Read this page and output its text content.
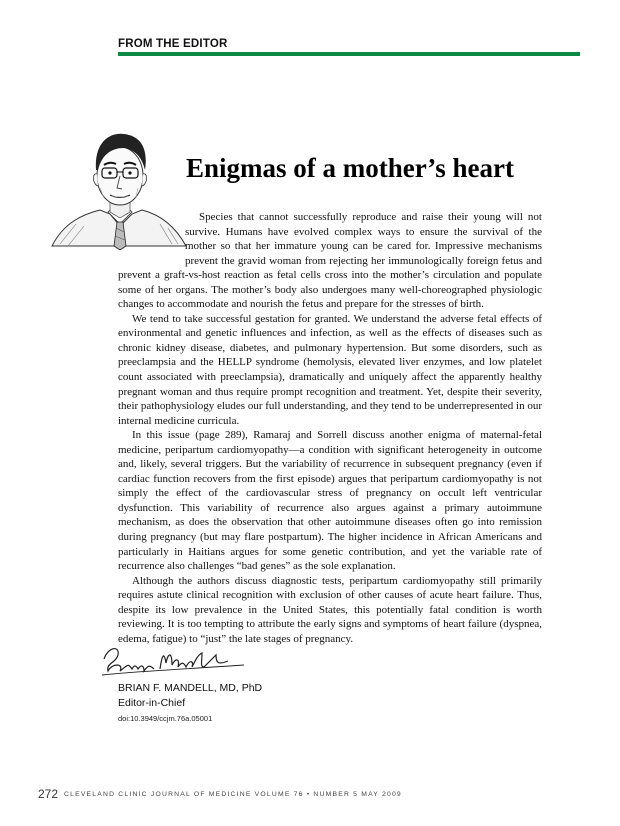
FROM THE EDITOR
Enigmas of a mother’s heart

Species that cannot successfully reproduce and raise their young will not survive. Humans have evolved complex ways to ensure the survival of the mother so that her immature young can be cared for. Impressive mechanisms prevent the gravid woman from rejecting her immunologically foreign fetus and prevent a graft-vs-host reaction as fetal cells cross into the mother’s circulation and populate some of her organs. The mother’s body also undergoes many well-choreographed physiologic changes to accommodate and nourish the fetus and prepare for the stresses of birth.

We tend to take successful gestation for granted. We understand the adverse fetal effects of environmental and genetic influences and infection, as well as the effects of diseases such as chronic kidney disease, diabetes, and pulmonary hypertension. But some disorders, such as preeclampsia and the HELLP syndrome (hemolysis, elevated liver enzymes, and low platelet count associated with preeclampsia), dramatically and uniquely affect the apparently healthy pregnant woman and thus require prompt recognition and treatment. Yet, despite their severity, their pathophysiology eludes our full understanding, and they tend to be underrepresented in our internal medicine curricula.

In this issue (page 289), Ramaraj and Sorrell discuss another enigma of maternal-fetal medicine, peripartum cardiomyopathy—a condition with significant heterogeneity in outcome and, likely, several triggers. But the variability of recurrence in subsequent pregnancy (even if cardiac function recovers from the first episode) argues that peripartum cardiomyopathy is not simply the effect of the cardiovascular stress of pregnancy on occult left ventricular dysfunction. This variability of recurrence also argues against a primary autoimmune mechanism, as does the observation that other autoimmune diseases often go into remission during pregnancy (but may flare postpartum). The higher incidence in African Americans and particularly in Haitians argues for some genetic contribution, and yet the variable rate of recurrence also challenges “bad genes” as the sole explanation.

Although the authors discuss diagnostic tests, peripartum cardiomyopathy still primarily requires astute clinical recognition with exclusion of other causes of acute heart failure. Thus, despite its low prevalence in the United States, this potentially fatal condition is worth reviewing. It is too tempting to attribute the early signs and symptoms of heart failure (dyspnea, edema, fatigue) to “just” the late stages of pregnancy.

BRIAN F. MANDELL, MD, PhD
Editor-in-Chief
doi:10.3949/ccjm.76a.05001
272 CLEVELAND CLINIC JOURNAL OF MEDICINE VOLUME 76 • NUMBER 5 MAY 2009
